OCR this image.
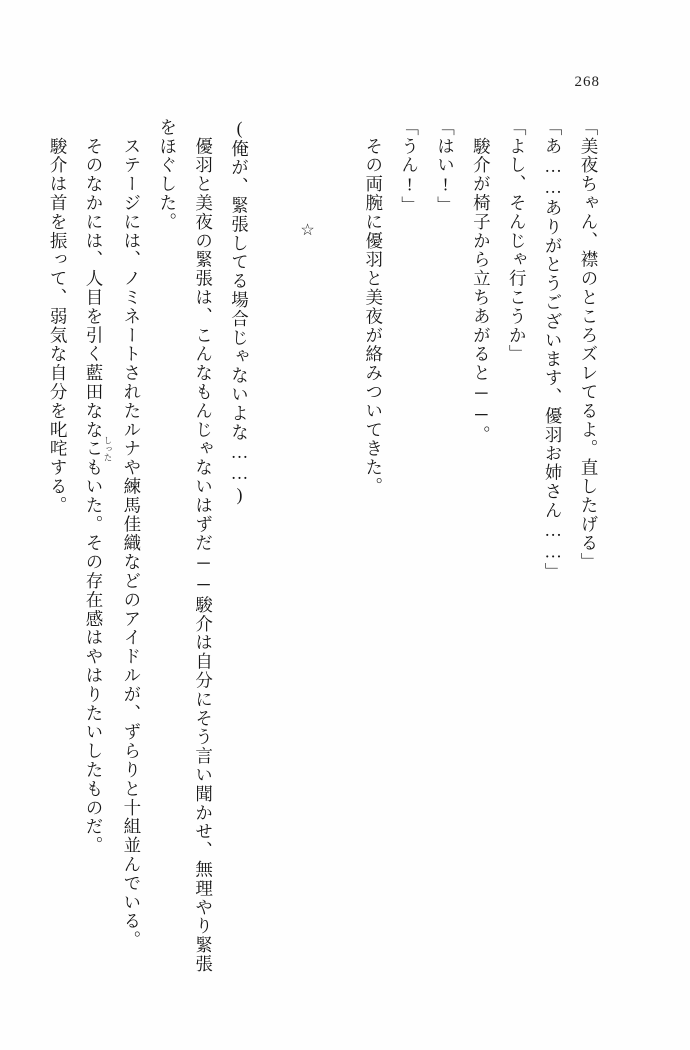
268

「美夜ちゃん、襟のところズレてるよ。直したげる」

「あ……ありがとうございます、優羽お姉さん……」

「よし、そんじゃ行こうか」

　駿介が椅子から立ちあがると──。

「はい!」

「うん!」

　その両腕に優羽と美夜が絡みついてきた。

☆

(俺が、緊張してる場合じゃないよな……)

　優羽と美夜の緊張は、こんなもんじゃないはずだ──駿介は自分にそう言い聞かせ、無理やり緊張をほぐした。

　ステージには、ノミネートされたルナや練馬佳織などのアイドルが、ずらりと十組並んでいる。

　そのなかには、人目を引く藍田ななこ しったもいた。その存在感はやはりたいしたものだ。

　駿介は首を振って、弱気な自分を叱咤する。
